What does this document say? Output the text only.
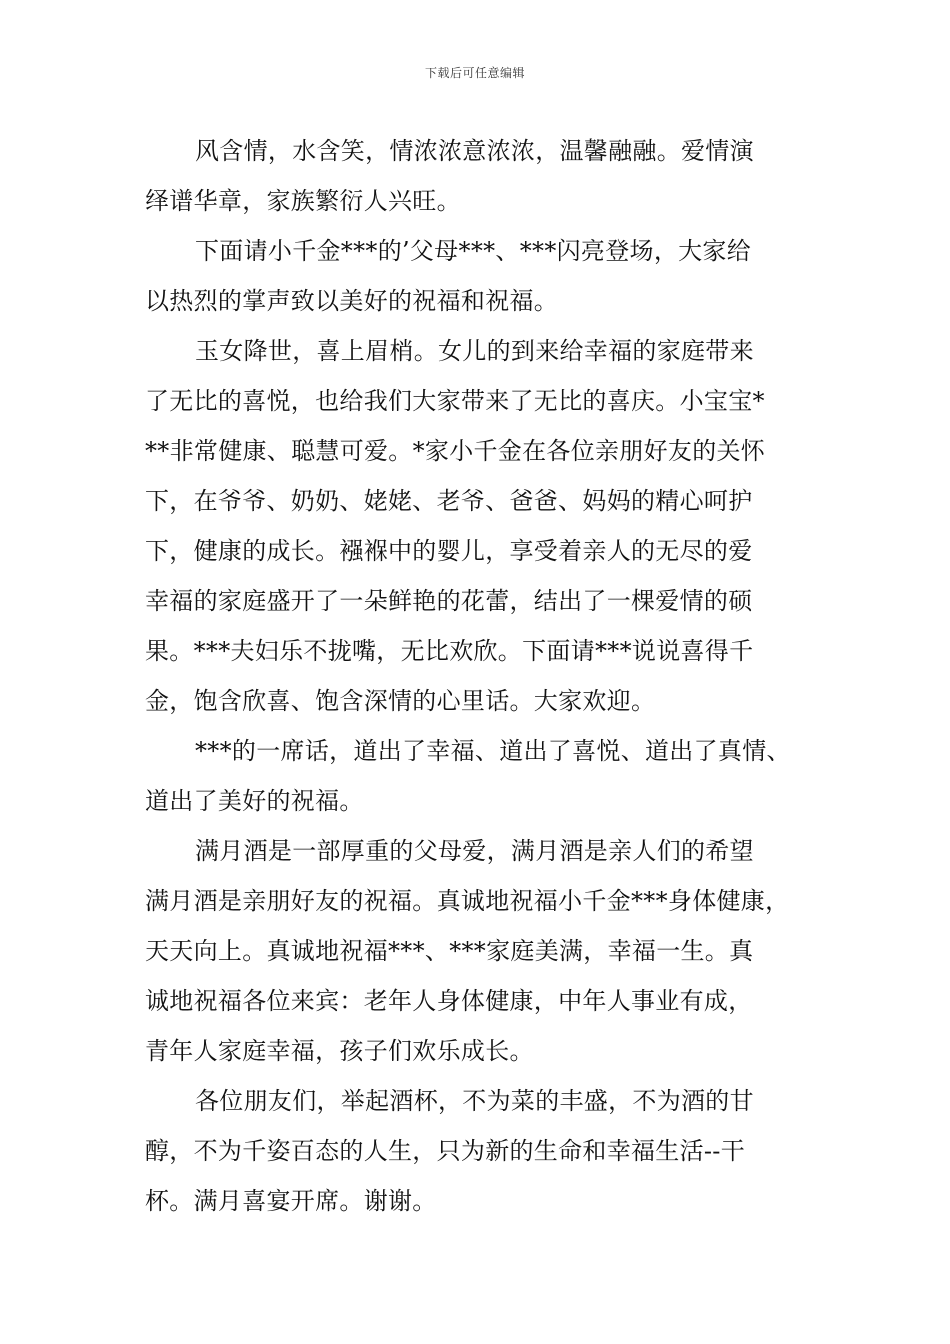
下载后可任意编辑
风含情，水含笑，情浓浓意浓浓，温馨融融。爱情演
绎谱华章，家族繁衍人兴旺。
下面请小千金***的’父母***、***闪亮登场，大家给
以热烈的掌声致以美好的祝福和祝福。
玉女降世，喜上眉梢。女儿的到来给幸福的家庭带来
了无比的喜悦，也给我们大家带来了无比的喜庆。小宝宝*
**非常健康、聪慧可爱。*家小千金在各位亲朋好友的关怀
下，在爷爷、奶奶、姥姥、老爷、爸爸、妈妈的精心呵护
下，健康的成长。襁褓中的婴儿，享受着亲人的无尽的爱
幸福的家庭盛开了一朵鲜艳的花蕾，结出了一棵爱情的硕
果。***夫妇乐不拢嘴，无比欢欣。下面请***说说喜得千
金，饱含欣喜、饱含深情的心里话。大家欢迎。
***的一席话，道出了幸福、道出了喜悦、道出了真情、
道出了美好的祝福。
满月酒是一部厚重的父母爱，满月酒是亲人们的希望
满月酒是亲朋好友的祝福。真诚地祝福小千金***身体健康，
天天向上。真诚地祝福***、***家庭美满，幸福一生。真
诚地祝福各位来宾：老年人身体健康，中年人事业有成，
青年人家庭幸福，孩子们欢乐成长。
各位朋友们，举起酒杯，不为菜的丰盛，不为酒的甘
醇，不为千姿百态的人生，只为新的生命和幸福生活--干
杯。满月喜宴开席。谢谢。
